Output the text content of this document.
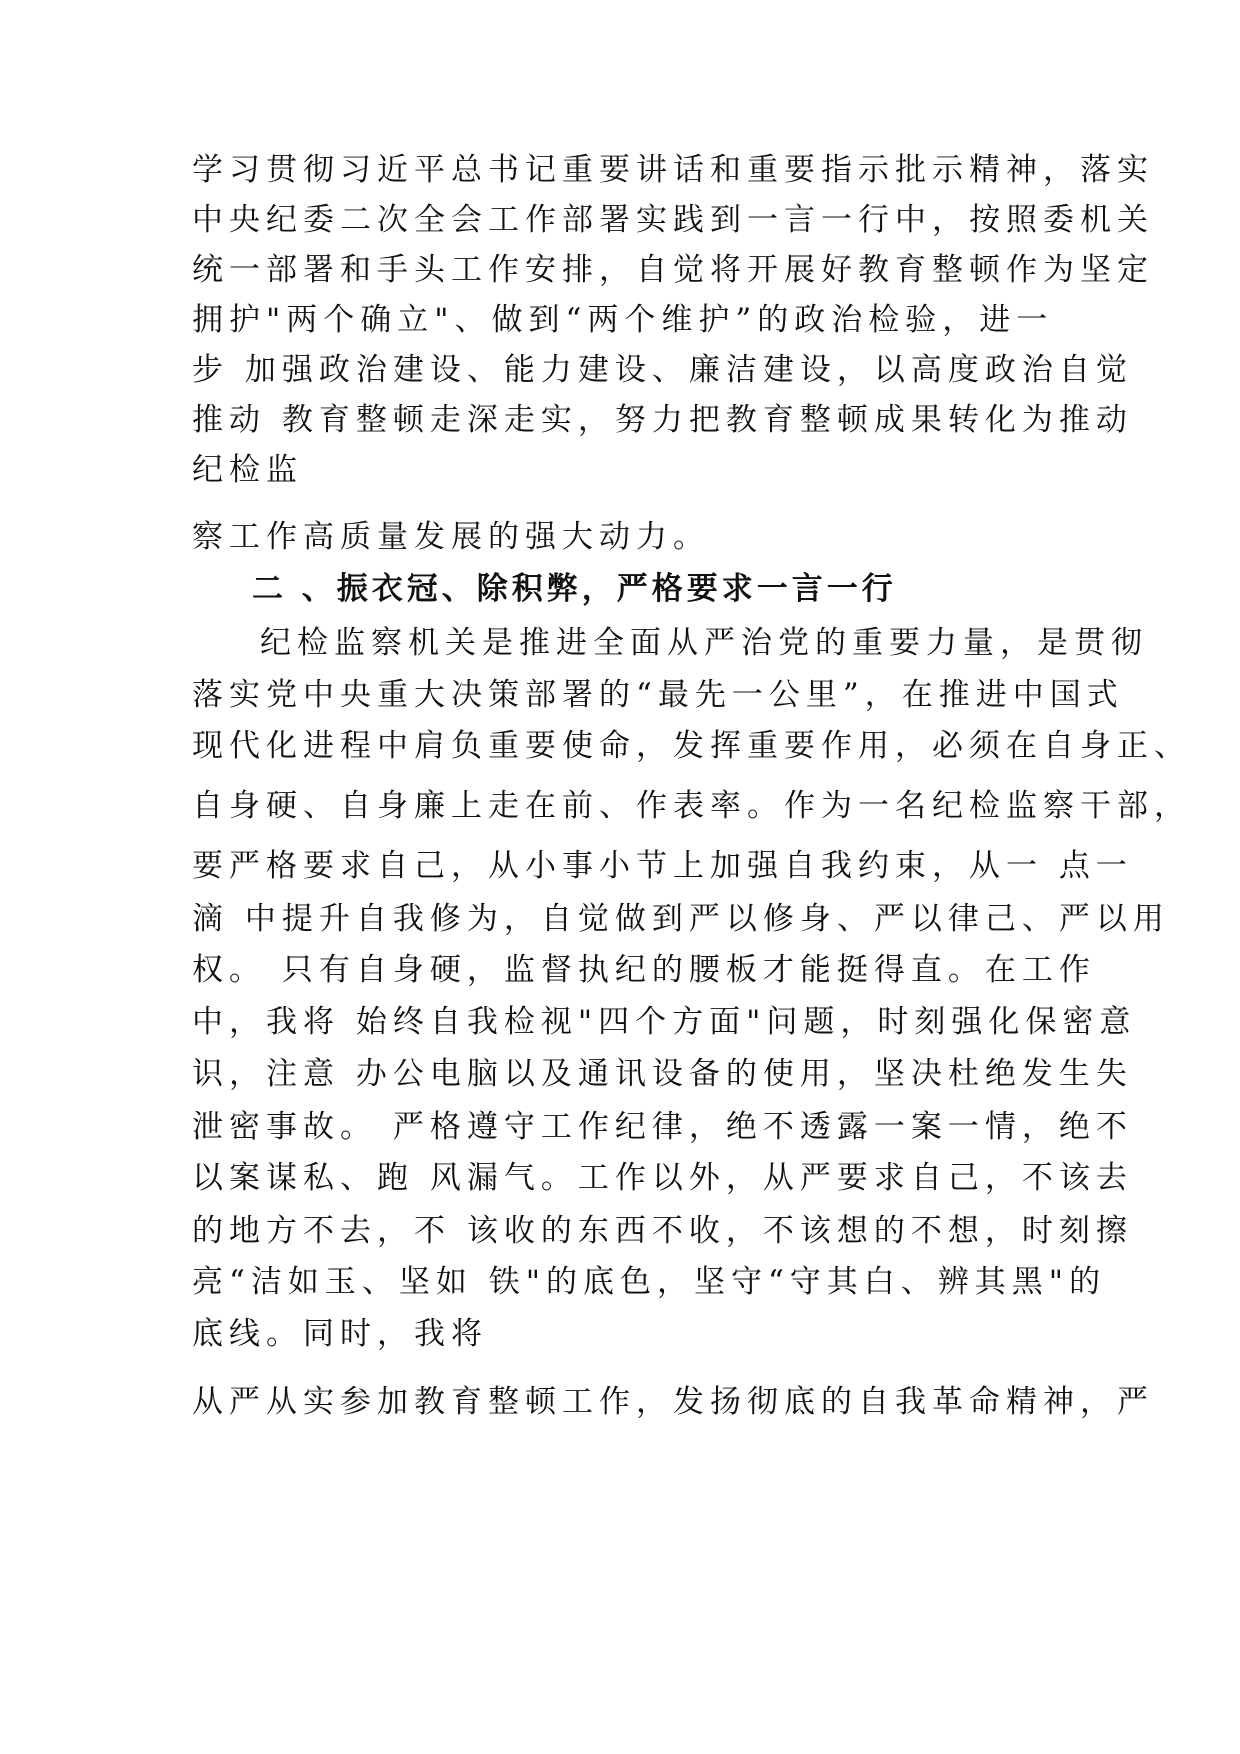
学习贯彻习近平总书记重要讲话和重要指示批示精神，落实
中央纪委二次全会工作部署实践到一言一行中，按照委机关
统一部署和手头工作安排，自觉将开展好教育整顿作为坚定
拥护"两个确立"、做到“两个维护”的政治检验，进一
步 加强政治建设、能力建设、廉洁建设，以高度政治自觉
推动 教育整顿走深走实，努力把教育整顿成果转化为推动
纪检监
察工作高质量发展的强大动力。
二 、振衣冠、除积弊，严格要求一言一行
纪检监察机关是推进全面从严治党的重要力量，是贯彻
落实党中央重大决策部署的“最先一公里”，在推进中国式
现代化进程中肩负重要使命，发挥重要作用，必须在自身正、
自身硬、自身廉上走在前、作表率。作为一名纪检监察干部，
要严格要求自己，从小事小节上加强自我约束，从一 点一
滴 中提升自我修为，自觉做到严以修身、严以律己、严以用
权。 只有自身硬，监督执纪的腰板才能挺得直。在工作
中，我将 始终自我检视"四个方面"问题，时刻强化保密意
识，注意 办公电脑以及通讯设备的使用，坚决杜绝发生失
泄密事故。 严格遵守工作纪律，绝不透露一案一情，绝不
以案谋私、跑 风漏气。工作以外，从严要求自己，不该去
的地方不去，不 该收的东西不收，不该想的不想，时刻擦
亮“洁如玉、坚如 铁"的底色，坚守“守其白、辨其黑"的
底线。同时，我将
从严从实参加教育整顿工作，发扬彻底的自我革命精神，严
